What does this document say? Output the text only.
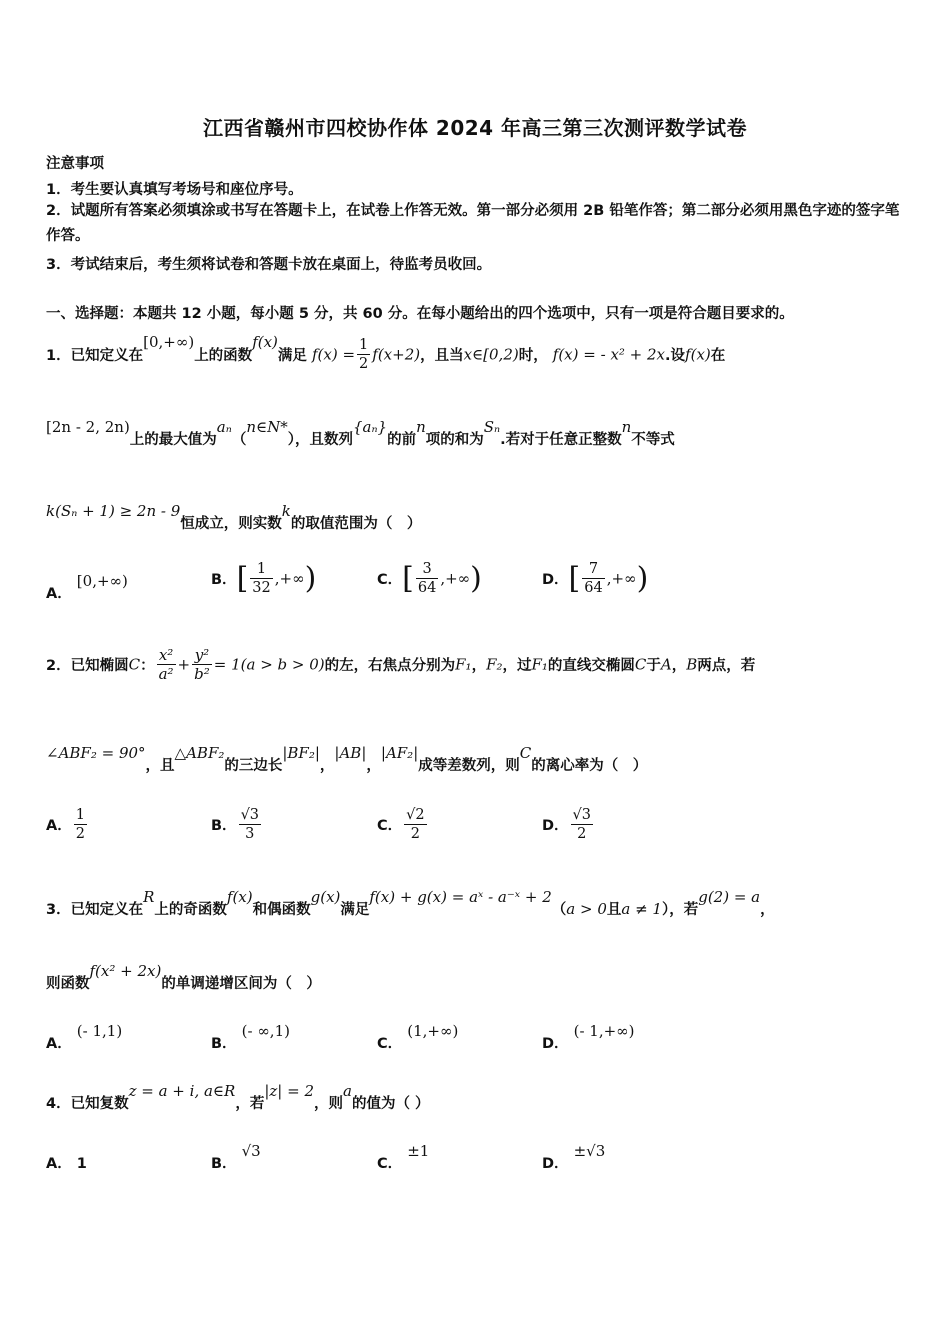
江西省赣州市四校协作体 2024 年高三第三次测评数学试卷
注意事项
1．考生要认真填写考场号和座位序号。
2．试题所有答案必须填涂或书写在答题卡上，在试卷上作答无效。第一部分必须用 2B 铅笔作答；第二部分必须用黑色字迹的签字笔作答。
3．考试结束后，考生须将试卷和答题卡放在桌面上，待监考员收回。
一、选择题：本题共 12 小题，每小题 5 分，共 60 分。在每小题给出的四个选项中，只有一项是符合题目要求的。
1．已知定义在[0,+∞)上的函数f(x)满足 $f(x) = \frac{1}{2} f(x+2)$，且当x∈[0,2)时， f(x) = - x² + 2x.设f(x)在
[2n - 2, 2n)上的最大值为aₙ（n∈N*），且数列{aₙ}的前n项的和为Sₙ.若对于任意正整数n不等式
k(Sₙ + 1) ≥ 2n - 9恒成立，则实数k的取值范围为（　）
A． [0,+∞)	B．[ $\frac{1}{32}$ ,+∞)	C．[ $\frac{3}{64}$ ,+∞)	D．[ $\frac{7}{64}$ ,+∞)
2．已知椭圆C： $\frac{\text{x²}}{\text{a²}} + \frac{\text{y²}}{\text{b²}} = 1(a > b > 0)$的左，右焦点分别为F₁，F₂，过F₁的直线交椭圆C于A，B两点，若
∠ABF₂ = 90°，且△ABF₂的三边长|BF₂|，|AB|，|AF₂|成等差数列，则C的离心率为（　）
A． $\frac{1}{2}$	B． $\frac{√3}{3}$	C． $\frac{√2}{2}$	D． $\frac{√3}{2}$
3．已知定义在R上的奇函数f(x)和偶函数g(x)满足f(x) + g(x) = aˣ - a⁻ˣ + 2（a > 0且a ≠ 1），若g(2) = a，
则函数f(x² + 2x)的单调递增区间为（　）
A． (- 1,1)
B． (- ∞,1)
C． (1,+∞)
D． (- 1,+∞)
4．已知复数z = a + i, a∈R，若|z| = 2，则a的值为（ ）
A． 1	B． √3
C． ±1
D． ±√3
